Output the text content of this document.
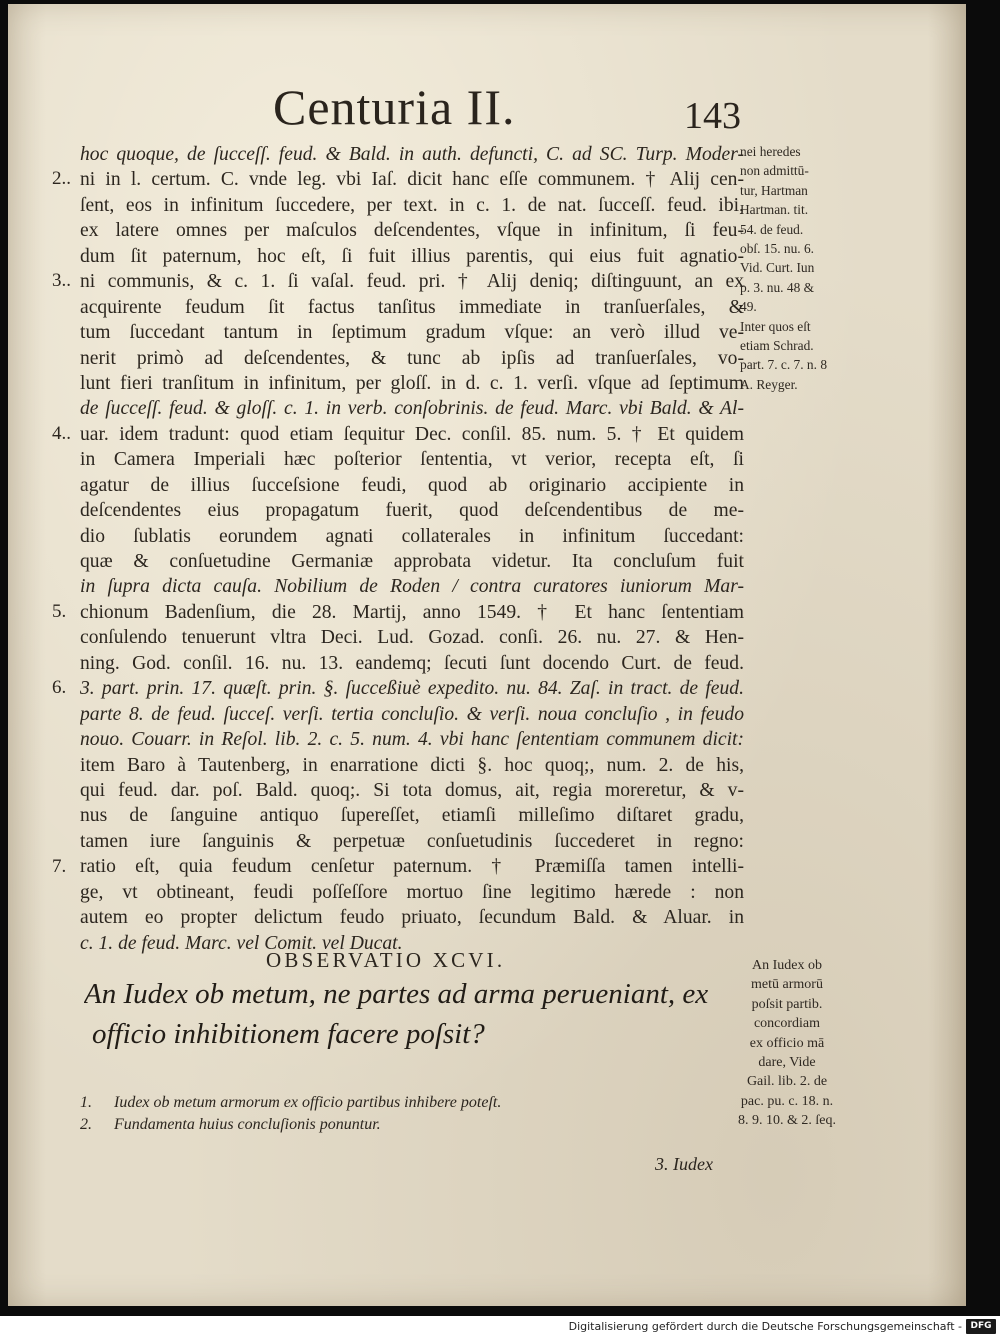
Centuria II.	143
hoc quoque, de ſucceſſ. feud. & Bald. in auth. defuncti, C. ad SC. Turp. Moder-
ni in l. certum. C. vnde leg. vbi Iaſ. dicit hanc eſſe communem. † Alij cen-
ſent, eos in infinitum ſuccedere, per text. in c. 1. de nat. ſucceſſ. feud. ibi,
ex latere omnes per maſculos deſcendentes, vſque in infinitum, ſi feu-
dum ſit paternum, hoc eſt, ſi fuit illius parentis, qui eius fuit agnatio-
ni communis, & c. 1. ſi vaſal. feud. pri. † Alij deniq; diſtinguunt, an ex
acquirente feudum ſit factus tanſitus immediate in tranſuerſales, &
tum ſuccedant tantum in ſeptimum gradum vſque: an verò illud ve-
nerit primò ad deſcendentes, & tunc ab ipſis ad tranſuerſales, vo-
lunt fieri tranſitum in infinitum, per gloſſ. in d. c. 1. verſi. vſque ad ſeptimum
de ſucceſſ. feud. & gloſſ. c. 1. in verb. conſobrinis. de feud. Marc. vbi Bald. & Al-
uar. idem tradunt: quod etiam ſequitur Dec. conſil. 85. num. 5. † Et quidem
in Camera Imperiali hæc poſterior ſententia, vt verior, recepta eſt, ſi
agatur de illius ſucceſsione feudi, quod ab originario accipiente in
deſcendentes eius propagatum fuerit, quod deſcendentibus de me-
dio ſublatis eorundem agnati collaterales in infinitum ſuccedant:
quæ & conſuetudine Germaniæ approbata videtur. Ita concluſum fuit
in ſupra dicta cauſa. Nobilium de Roden / contra curatores iuniorum Mar-
chionum Badenſium, die 28. Martij, anno 1549. † Et hanc ſententiam
conſulendo tenuerunt vltra Deci. Lud. Gozad. conſi. 26. nu. 27. & Hen-
ning. God. conſil. 16. nu. 13. eandemq; ſecuti ſunt docendo Curt. de feud.
3. part. prin. 17. quæſt. prin. §. ſucceßiuè expedito. nu. 84. Zaſ. in tract. de feud.
parte 8. de feud. ſucceſ. verſi. tertia concluſio. & verſi. noua concluſio , in feudo
nouo. Couarr. in Reſol. lib. 2. c. 5. num. 4. vbi hanc ſententiam communem dicit:
item Baro à Tautenberg, in enarratione dicti §. hoc quoq;, num. 2. de his,
qui feud. dar. poſ. Bald. quoq;. Si tota domus, ait, regia moreretur, & v-
nus de ſanguine antiquo ſupereſſet, etiamſi milleſimo diſtaret gradu,
tamen iure ſanguinis & perpetuæ conſuetudinis ſuccederet in regno:
ratio eſt, quia feudum cenſetur paternum. † Præmiſſa tamen intelli-
ge, vt obtineant, feudi poſſeſſore mortuo ſine legitimo hærede : non
autem eo propter delictum feudo priuato, ſecundum Bald. & Aluar. in
c. 1. de feud. Marc. vel Comit. vel Ducat.
2..
3..
4..
5.
6.
7.
nei heredes
non admittū-
tur, Hartman
Hartman. tit.
54. de feud.
obſ. 15. nu. 6.
Vid. Curt. Iun
p. 3. nu. 48 &
49.
Inter quos eſt
etiam Schrad.
part. 7. c. 7. n. 8
A. Reyger.
OBSERVATIO XCVI.
An Iudex ob metum, ne partes ad arma perueniant, ex
officio inhibitionem facere poſsit?
An Iudex ob
metū armorū
poſsit partib.
concordiam
ex officio mā
dare, Vide
Gail. lib. 2. de
pac. pu. c. 18. n.
8. 9. 10. & 2. ſeq.
1. Iudex ob metum armorum ex officio partibus inhibere poteſt.
2. Fundamenta huius concluſionis ponuntur.
3. Iudex
Digitalisierung gefördert durch die Deutsche Forschungsgemeinschaft - DFG
